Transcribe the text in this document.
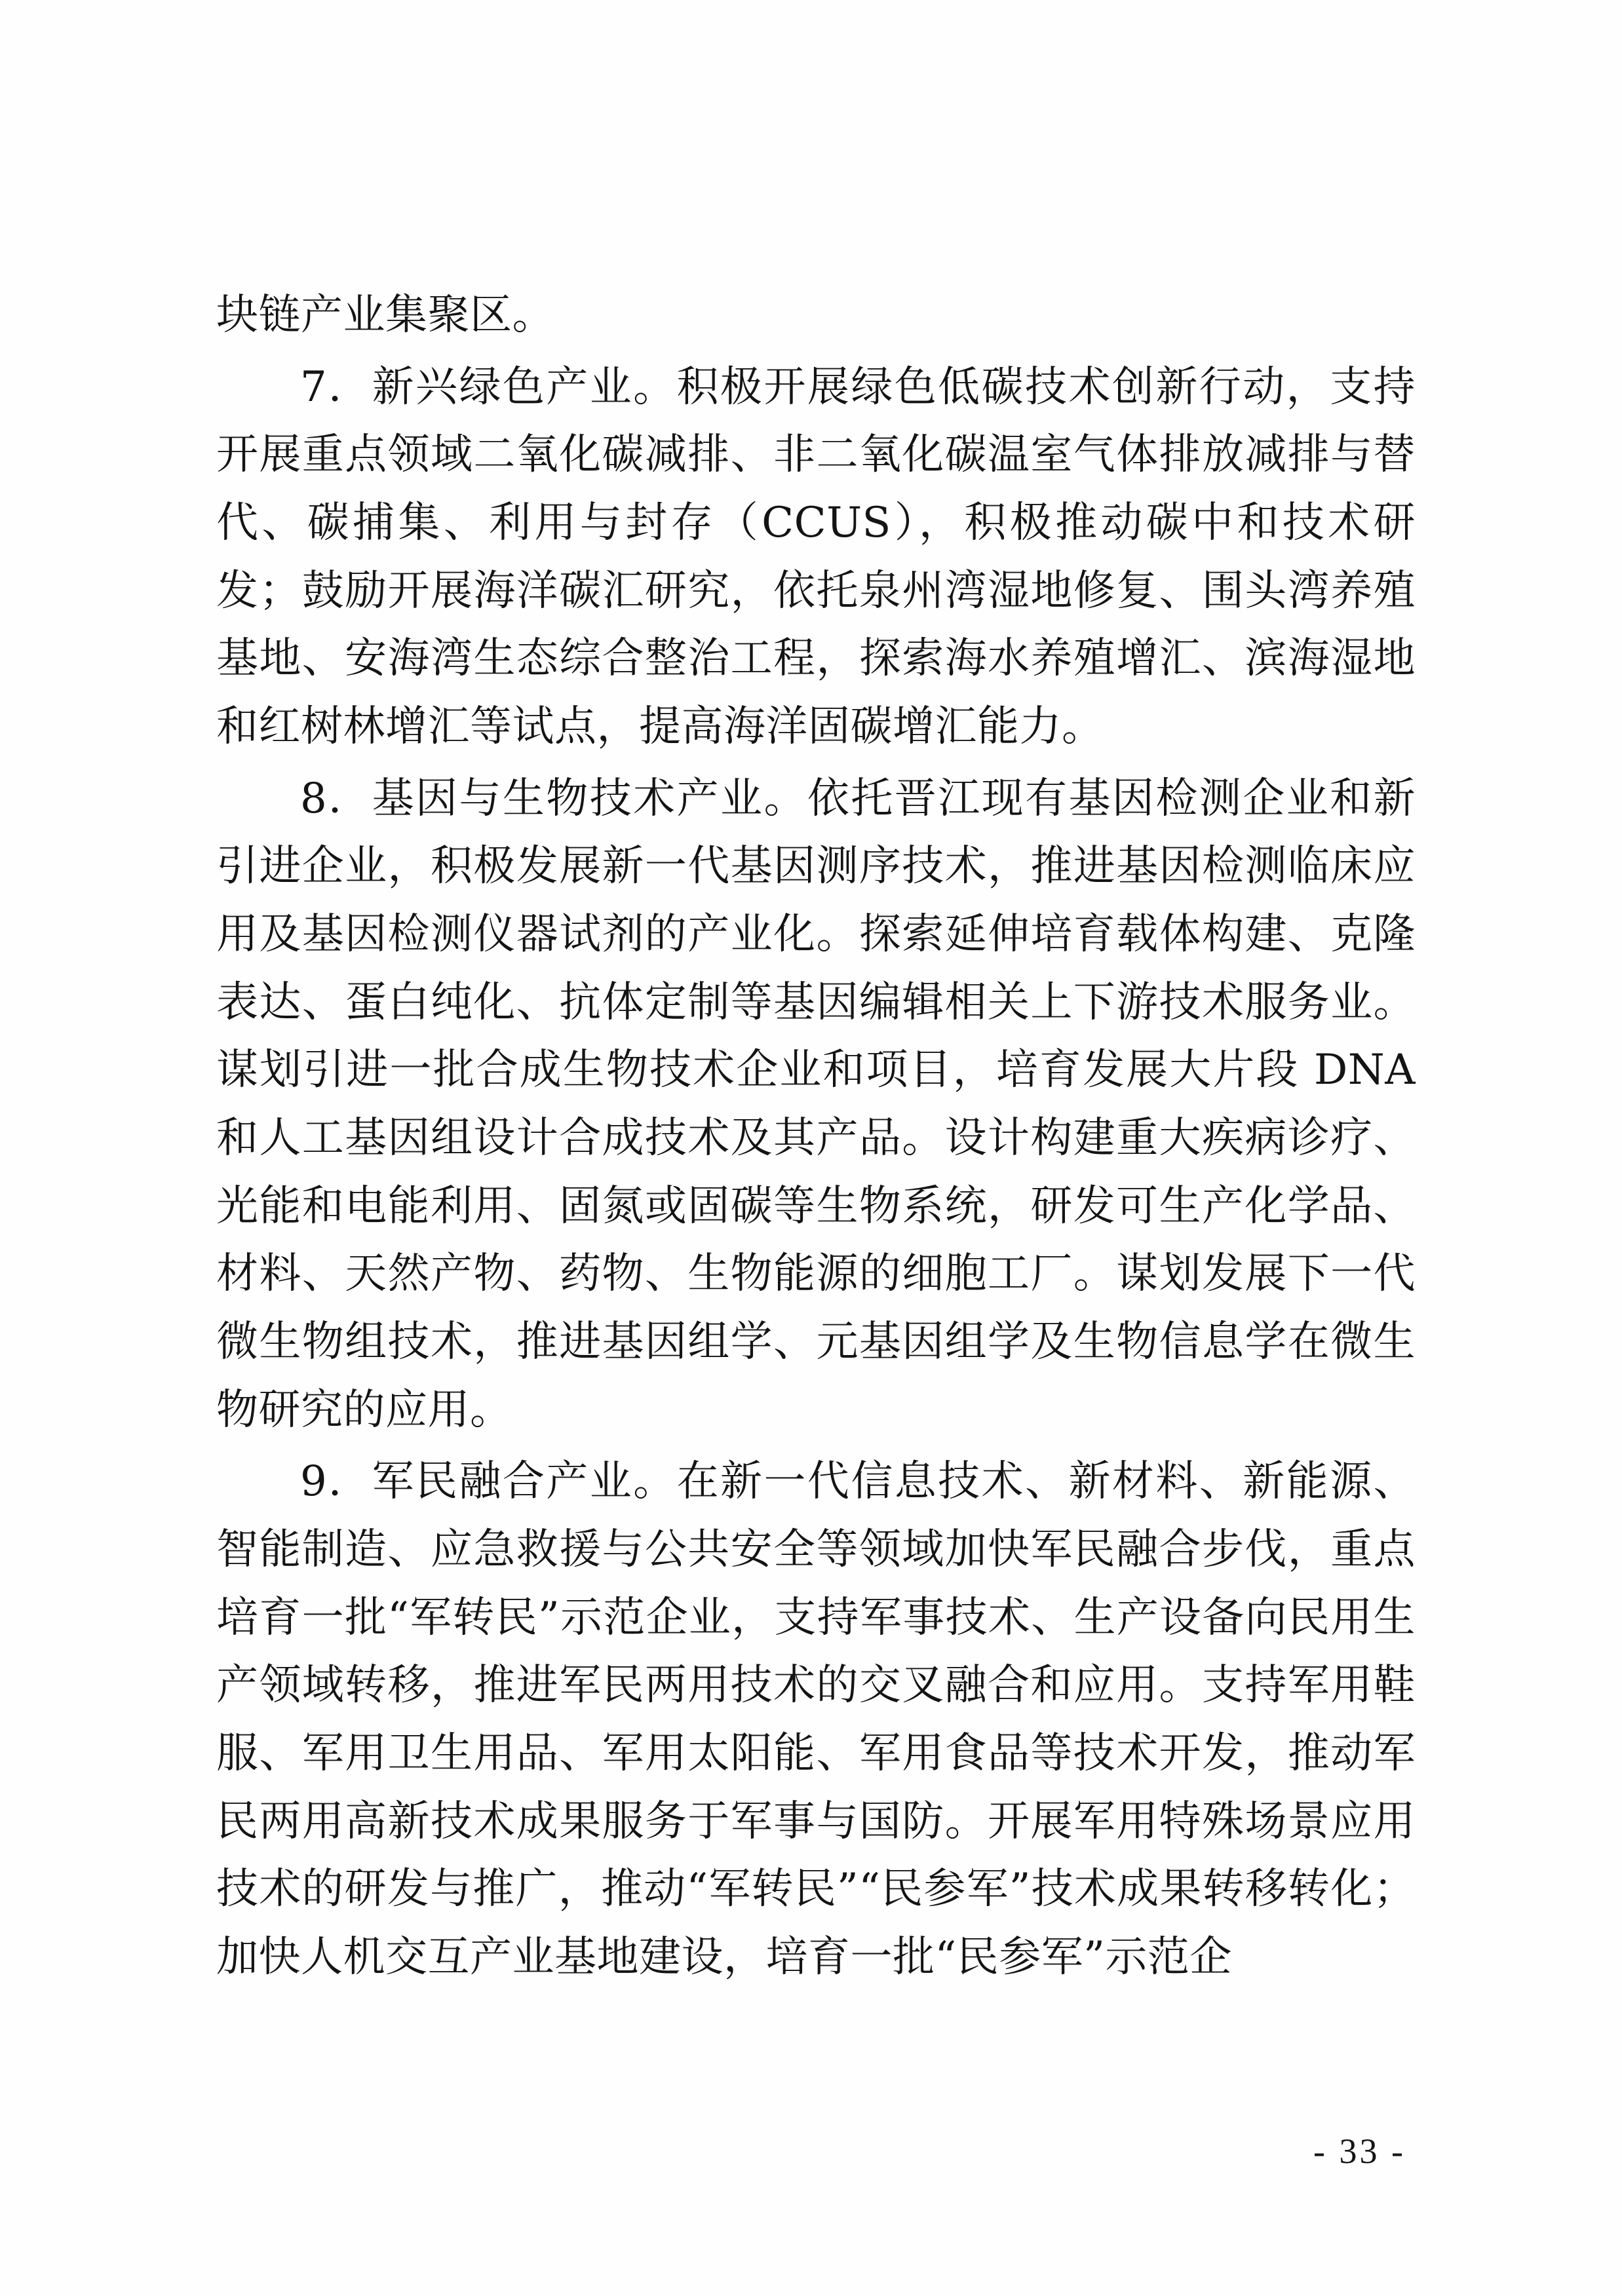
块链产业集聚区。

7．新兴绿色产业。积极开展绿色低碳技术创新行动，支持开展重点领域二氧化碳减排、非二氧化碳温室气体排放减排与替代、碳捕集、利用与封存（CCUS），积极推动碳中和技术研发；鼓励开展海洋碳汇研究，依托泉州湾湿地修复、围头湾养殖基地、安海湾生态综合整治工程，探索海水养殖增汇、滨海湿地和红树林增汇等试点，提高海洋固碳增汇能力。

8．基因与生物技术产业。依托晋江现有基因检测企业和新引进企业，积极发展新一代基因测序技术，推进基因检测临床应用及基因检测仪器试剂的产业化。探索延伸培育载体构建、克隆表达、蛋白纯化、抗体定制等基因编辑相关上下游技术服务业。谋划引进一批合成生物技术企业和项目，培育发展大片段 DNA 和人工基因组设计合成技术及其产品。设计构建重大疾病诊疗、光能和电能利用、固氮或固碳等生物系统，研发可生产化学品、材料、天然产物、药物、生物能源的细胞工厂。谋划发展下一代微生物组技术，推进基因组学、元基因组学及生物信息学在微生物研究的应用。

9．军民融合产业。在新一代信息技术、新材料、新能源、智能制造、应急救援与公共安全等领域加快军民融合步伐，重点培育一批“军转民”示范企业，支持军事技术、生产设备向民用生产领域转移，推进军民两用技术的交叉融合和应用。支持军用鞋服、军用卫生用品、军用太阳能、军用食品等技术开发，推动军民两用高新技术成果服务于军事与国防。开展军用特殊场景应用技术的研发与推广，推动“军转民”“民参军”技术成果转移转化；加快人机交互产业基地建设，培育一批“民参军”示范企

- 33 -
